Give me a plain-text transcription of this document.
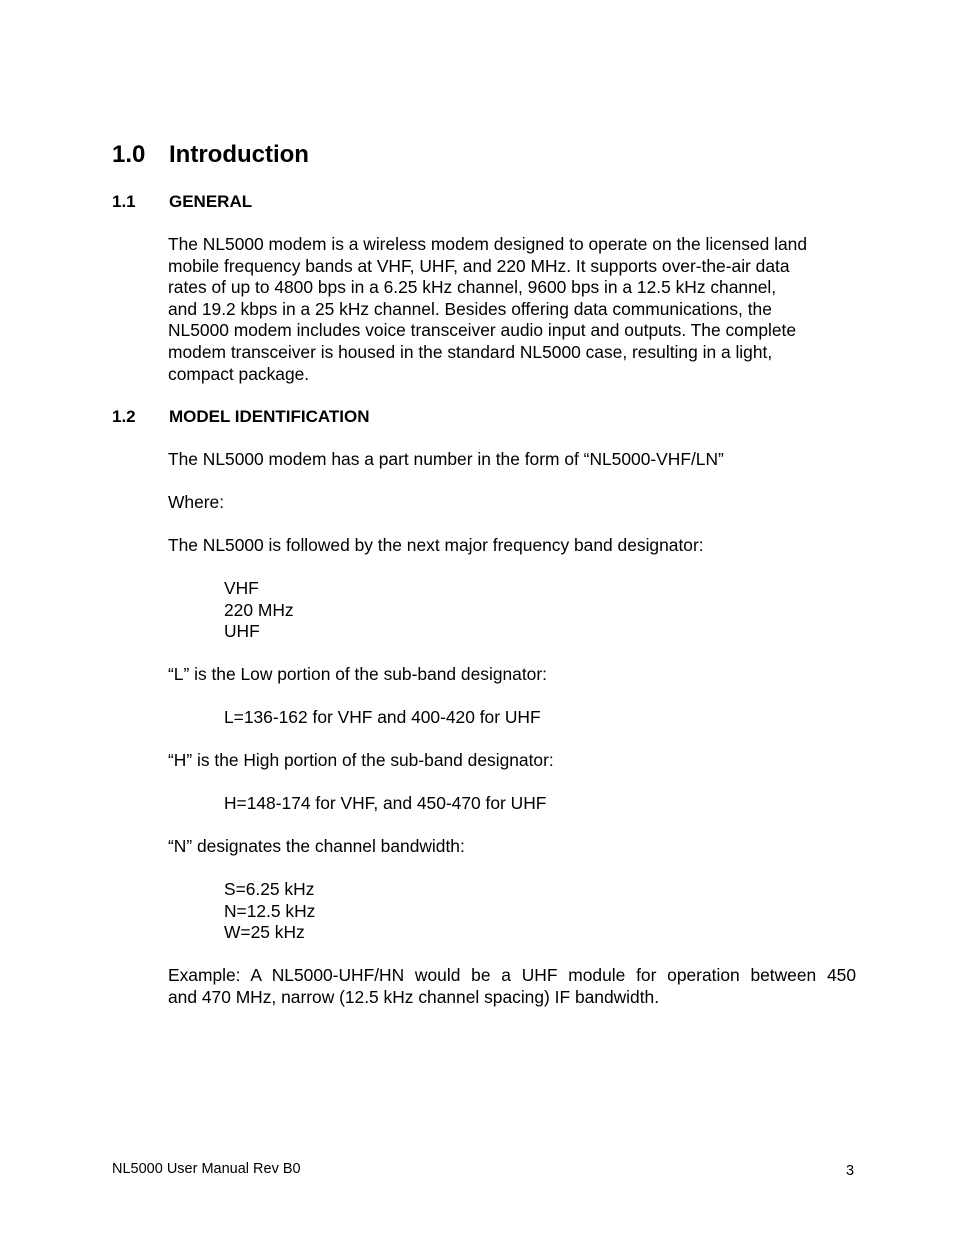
1.0 Introduction
1.1 GENERAL
The NL5000 modem is a wireless modem designed to operate on the licensed land
mobile frequency bands at VHF, UHF, and 220 MHz. It supports over-the-air data
rates of up to 4800 bps in a 6.25 kHz channel, 9600 bps in a 12.5 kHz channel,
and 19.2 kbps in a 25 kHz channel. Besides offering data communications, the
NL5000 modem includes voice transceiver audio input and outputs. The complete
modem transceiver is housed in the standard NL5000 case, resulting in a light,
compact package.
1.2 MODEL IDENTIFICATION
The NL5000 modem has a part number in the form of “NL5000-VHF/LN”
Where:
The NL5000 is followed by the next major frequency band designator:
VHF
220 MHz
UHF
“L” is the Low portion of the sub-band designator:
L=136-162 for VHF and 400-420 for UHF
“H” is the High portion of the sub-band designator:
H=148-174 for VHF, and 450-470 for UHF
“N” designates the channel bandwidth:
S=6.25 kHz
N=12.5 kHz
W=25 kHz
Example: A NL5000-UHF/HN would be a UHF module for operation between 450
and 470 MHz, narrow (12.5 kHz channel spacing) IF bandwidth.
NL5000 User Manual Rev B0	3
